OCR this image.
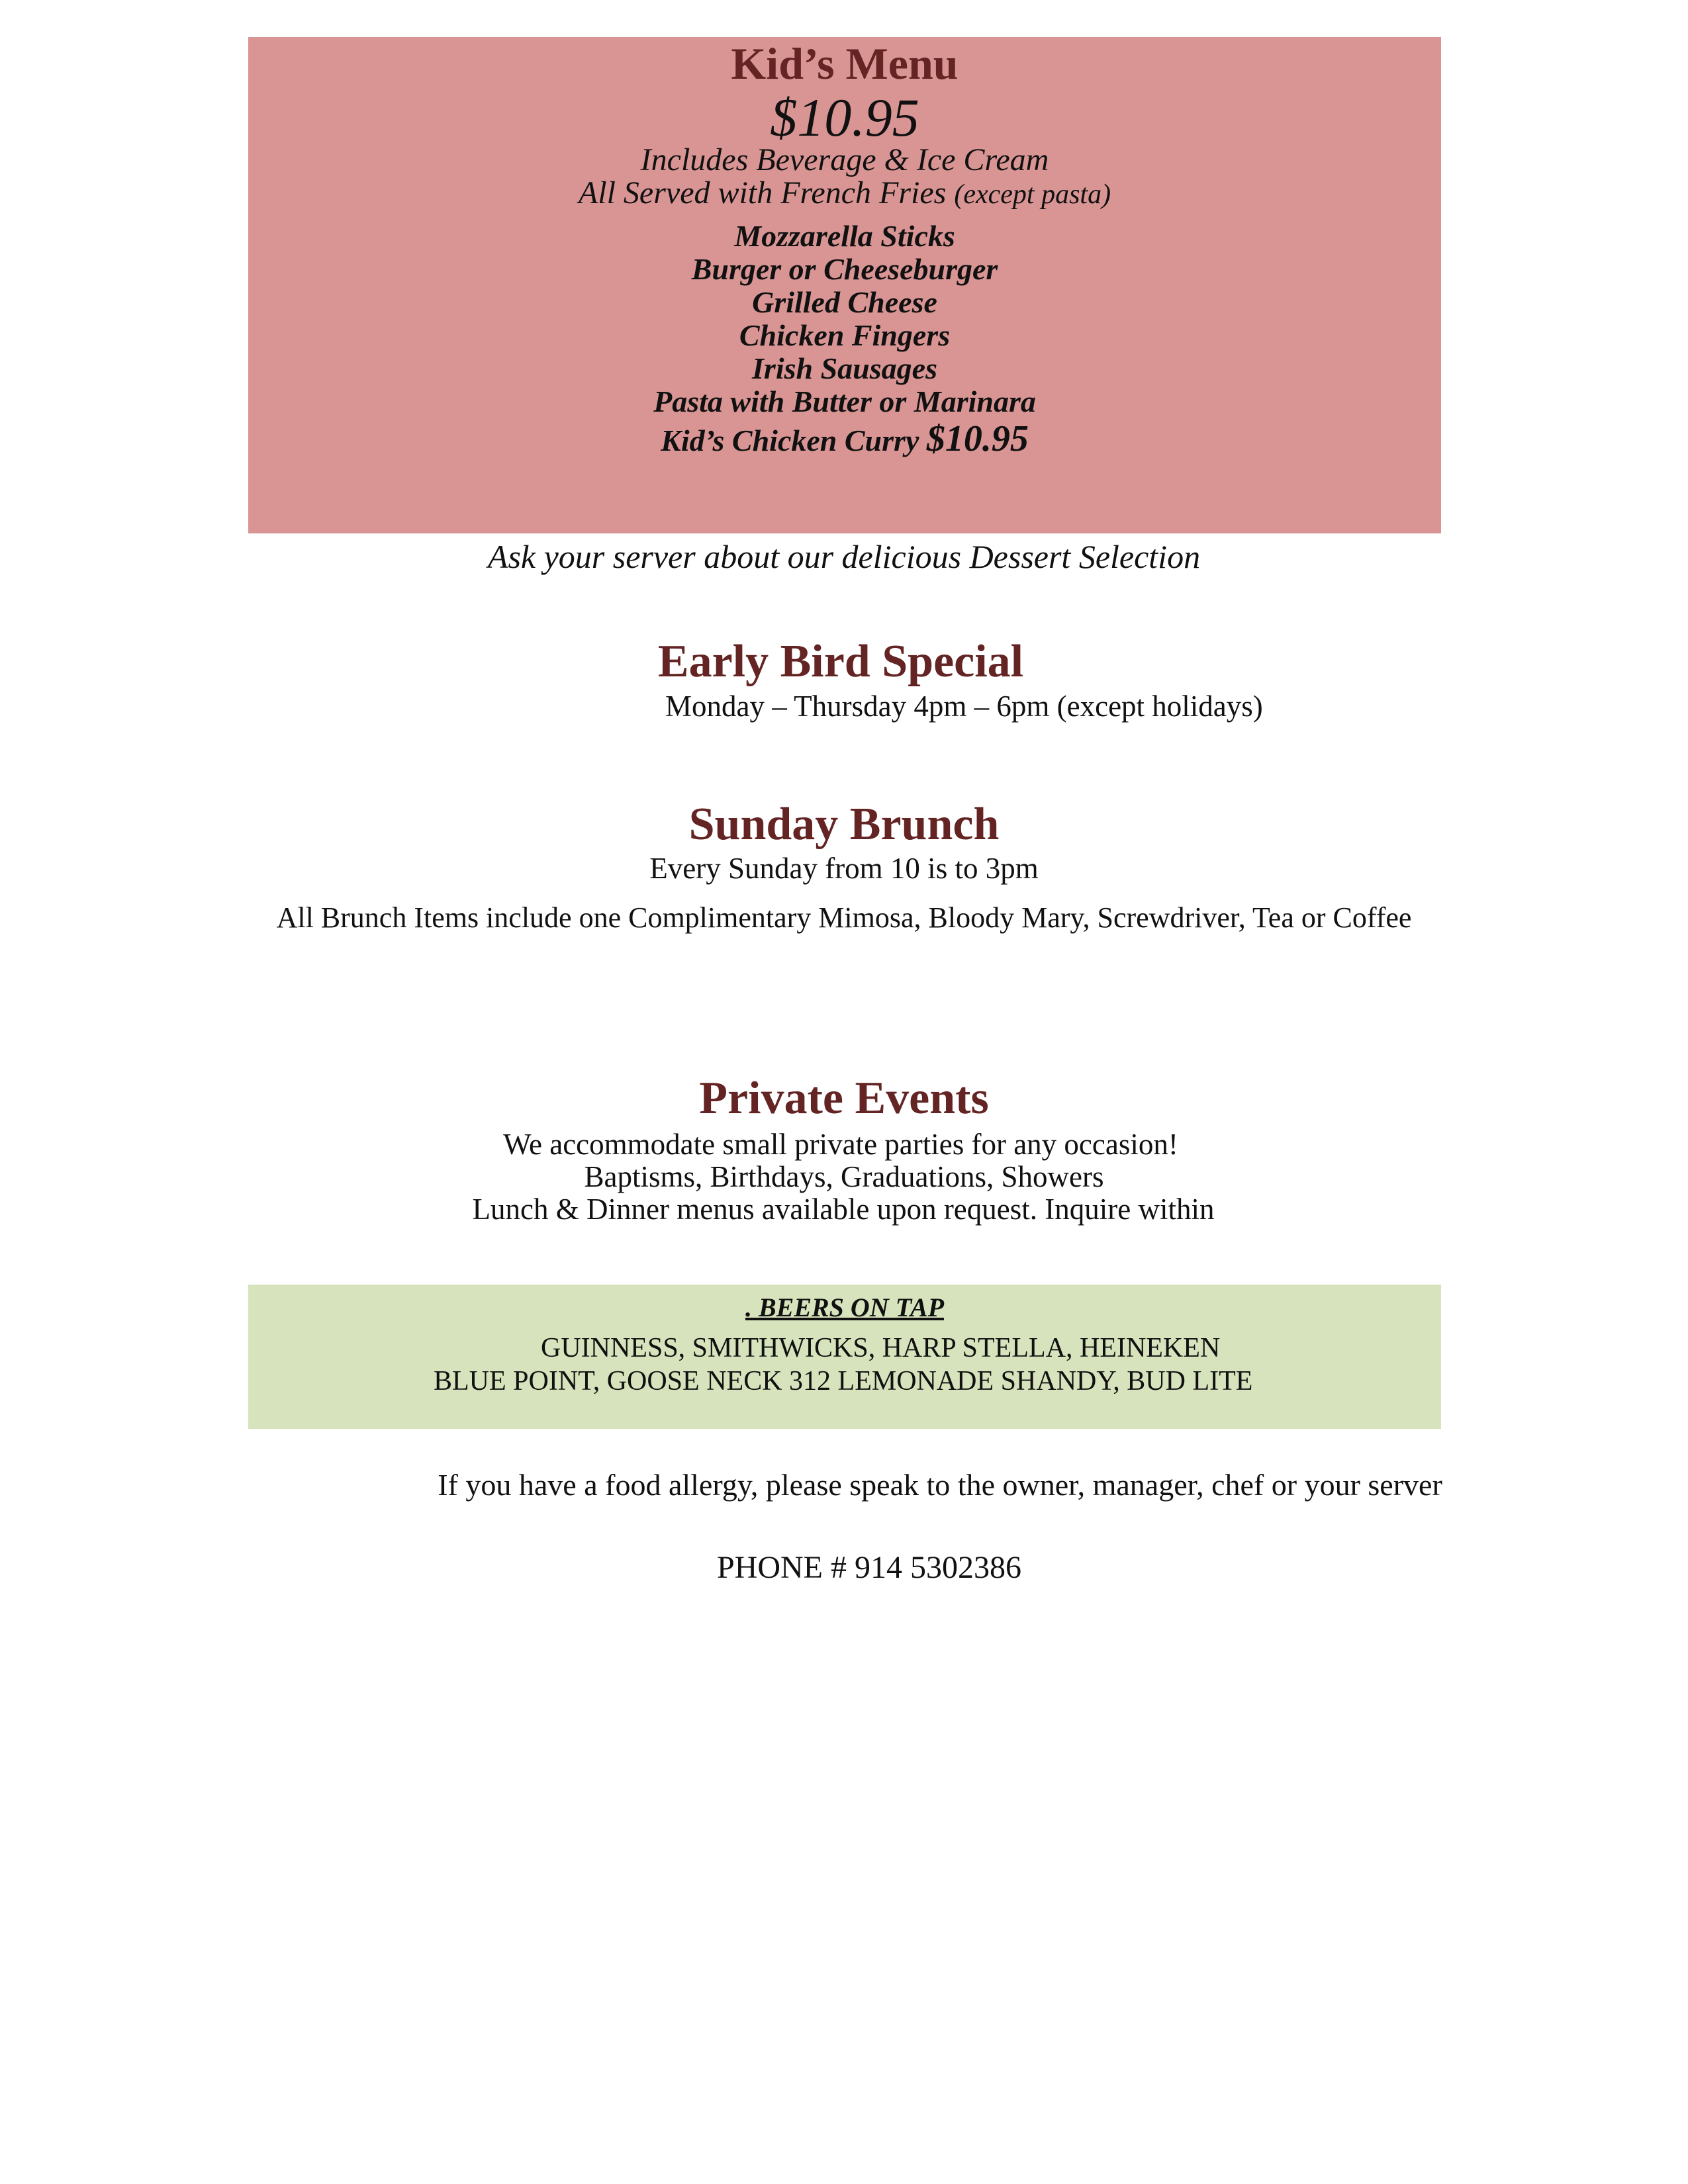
Kid’s Menu
$10.95
Includes Beverage & Ice Cream
All Served with French Fries (except pasta)
Mozzarella Sticks
Burger or Cheeseburger
Grilled Cheese
Chicken Fingers
Irish Sausages
Pasta with Butter or Marinara
Kid’s Chicken Curry $10.95
Ask your server about our delicious Dessert Selection
Early Bird Special
Monday – Thursday 4pm – 6pm (except holidays)
Sunday Brunch
Every Sunday from 10 is to 3pm
All Brunch Items include one Complimentary Mimosa, Bloody Mary, Screwdriver, Tea or Coffee
Private Events
We accommodate small private parties for any occasion!
Baptisms, Birthdays, Graduations, Showers
Lunch & Dinner menus available upon request. Inquire within
. BEERS ON TAP
GUINNESS, SMITHWICKS, HARP STELLA, HEINEKEN
BLUE POINT, GOOSE NECK 312 LEMONADE SHANDY, BUD LITE
If you have a food allergy, please speak to the owner, manager, chef or your server
PHONE # 914 5302386
